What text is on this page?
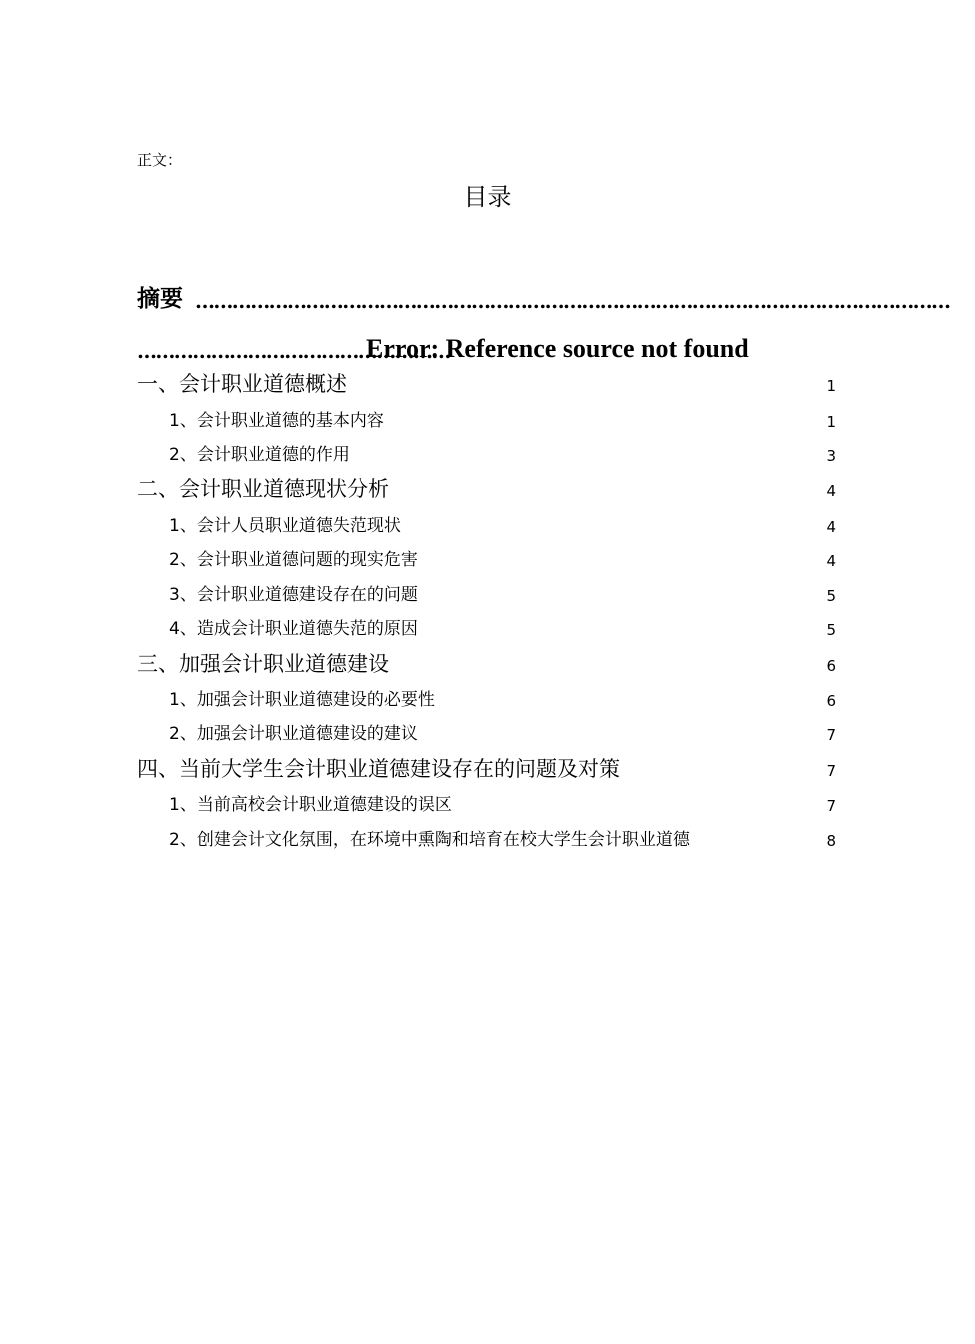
正文：
目录
摘要 ……………………………………………………………………………………………………………
……………………………………………
Error: Reference source not found
一、会计职业道德概述	1
1、会计职业道德的基本内容	1
2、会计职业道德的作用	3
二、会计职业道德现状分析	4
1、会计人员职业道德失范现状	4
2、会计职业道德问题的现实危害	4
3、会计职业道德建设存在的问题	5
4、造成会计职业道德失范的原因	5
三、加强会计职业道德建设	6
1、加强会计职业道德建设的必要性	6
2、加强会计职业道德建设的建议	7
四、当前大学生会计职业道德建设存在的问题及对策	7
1、当前高校会计职业道德建设的误区	7
2、创建会计文化氛围，在环境中熏陶和培育在校大学生会计职业道德	8
